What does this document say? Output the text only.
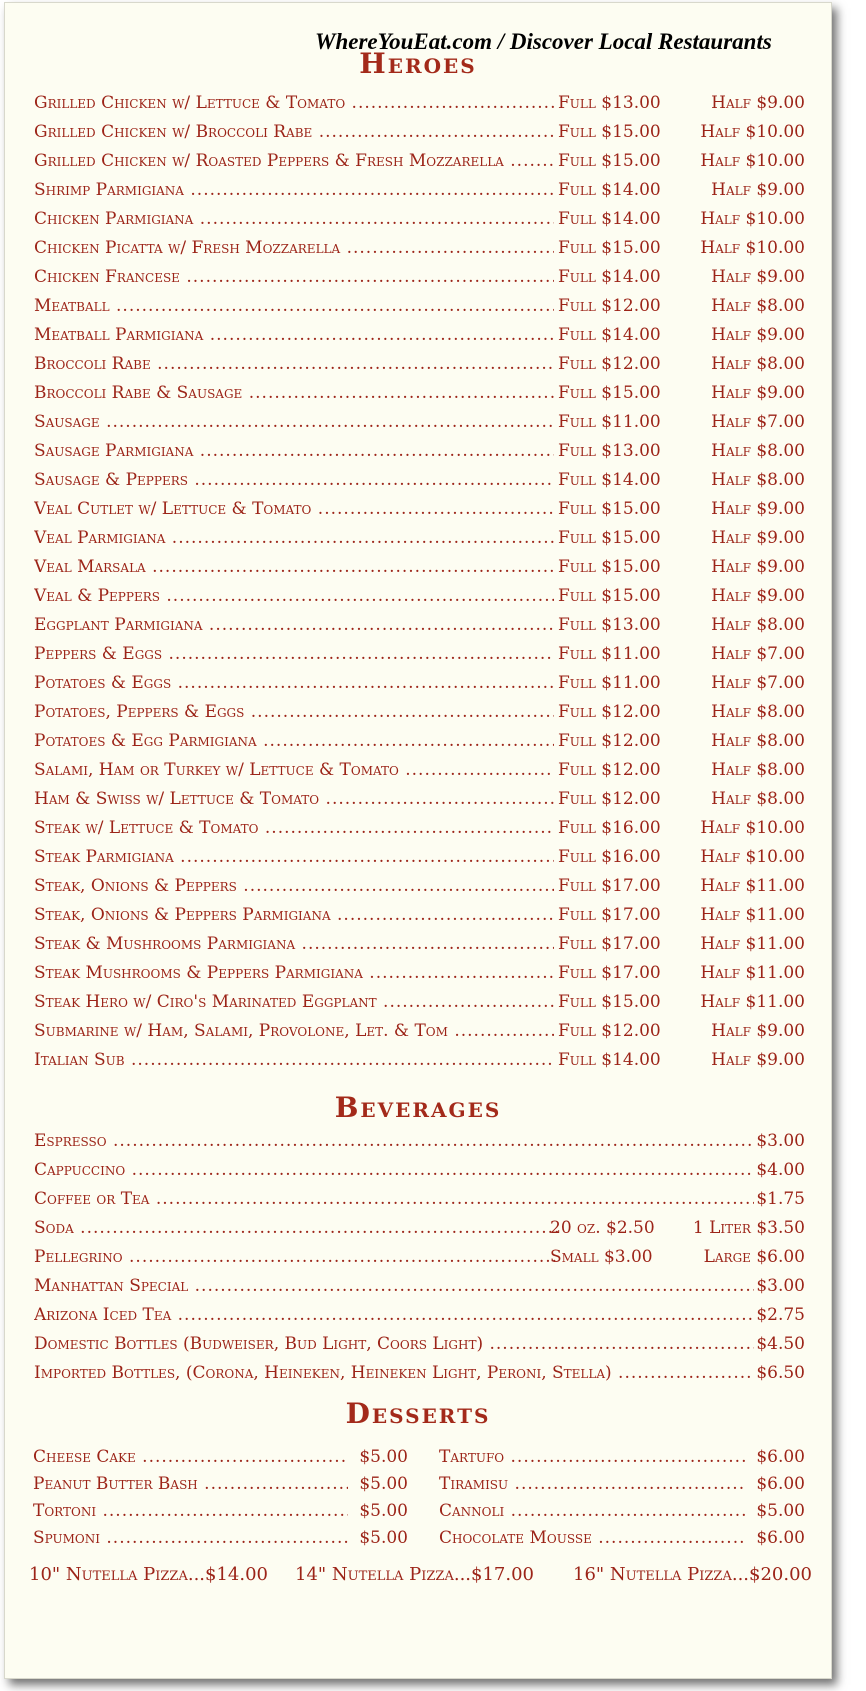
WhereYouEat.com / Discover Local Restaurants
Heroes
Grilled Chicken w/ Lettuce & Tomato .....	Full $13.00	Half $9.00
Grilled Chicken w/ Broccoli Rabe .....	Full $15.00	Half $10.00
Grilled Chicken w/ Roasted Peppers & Fresh Mozzarella .....	Full $15.00	Half $10.00
Shrimp Parmigiana .....	Full $14.00	Half $9.00
Chicken Parmigiana .....	Full $14.00	Half $10.00
Chicken Picatta w/ Fresh Mozzarella .....	Full $15.00	Half $10.00
Chicken Francese .....	Full $14.00	Half $9.00
Meatball .....	Full $12.00	Half $8.00
Meatball Parmigiana .....	Full $14.00	Half $9.00
Broccoli Rabe .....	Full $12.00	Half $8.00
Broccoli Rabe & Sausage .....	Full $15.00	Half $9.00
Sausage .....	Full $11.00	Half $7.00
Sausage Parmigiana .....	Full $13.00	Half $8.00
Sausage & Peppers .....	Full $14.00	Half $8.00
Veal Cutlet w/ Lettuce & Tomato .....	Full $15.00	Half $9.00
Veal Parmigiana .....	Full $15.00	Half $9.00
Veal Marsala .....	Full $15.00	Half $9.00
Veal & Peppers .....	Full $15.00	Half $9.00
Eggplant Parmigiana .....	Full $13.00	Half $8.00
Peppers & Eggs .....	Full $11.00	Half $7.00
Potatoes & Eggs .....	Full $11.00	Half $7.00
Potatoes, Peppers & Eggs .....	Full $12.00	Half $8.00
Potatoes & Egg Parmigiana .....	Full $12.00	Half $8.00
Salami, Ham or Turkey w/ Lettuce & Tomato .....	Full $12.00	Half $8.00
Ham & Swiss w/ Lettuce & Tomato .....	Full $12.00	Half $8.00
Steak w/ Lettuce & Tomato .....	Full $16.00	Half $10.00
Steak Parmigiana .....	Full $16.00	Half $10.00
Steak, Onions & Peppers .....	Full $17.00	Half $11.00
Steak, Onions & Peppers Parmigiana .....	Full $17.00	Half $11.00
Steak & Mushrooms Parmigiana .....	Full $17.00	Half $11.00
Steak Mushrooms & Peppers Parmigiana .....	Full $17.00	Half $11.00
Steak Hero w/ Ciro's Marinated Eggplant .....	Full $15.00	Half $11.00
Submarine w/ Ham, Salami, Provolone, Let. & Tom .....	Full $12.00	Half $9.00
Italian Sub .....	Full $14.00	Half $9.00
Beverages
Espresso .....	$3.00
Cappuccino .....	$4.00
Coffee or Tea .....	$1.75
Soda .....	20 oz. $2.50	1 Liter $3.50
Pellegrino .....	Small $3.00	Large $6.00
Manhattan Special .....	$3.00
Arizona Iced Tea .....	$2.75
Domestic Bottles (Budweiser, Bud Light, Coors Light) .....	$4.50
Imported Bottles, (Corona, Heineken, Heineken Light, Peroni, Stella) .....	$6.50
Desserts
Cheese Cake .....	$5.00
Peanut Butter Bash .....	$5.00
Tortoni .....	$5.00
Spumoni .....	$5.00
Tartufo .....	$6.00
Tiramisu .....	$6.00
Cannoli .....	$5.00
Chocolate Mousse .....	$6.00
10" Nutella Pizza...$14.00 14" Nutella Pizza...$17.00 16" Nutella Pizza...$20.00
